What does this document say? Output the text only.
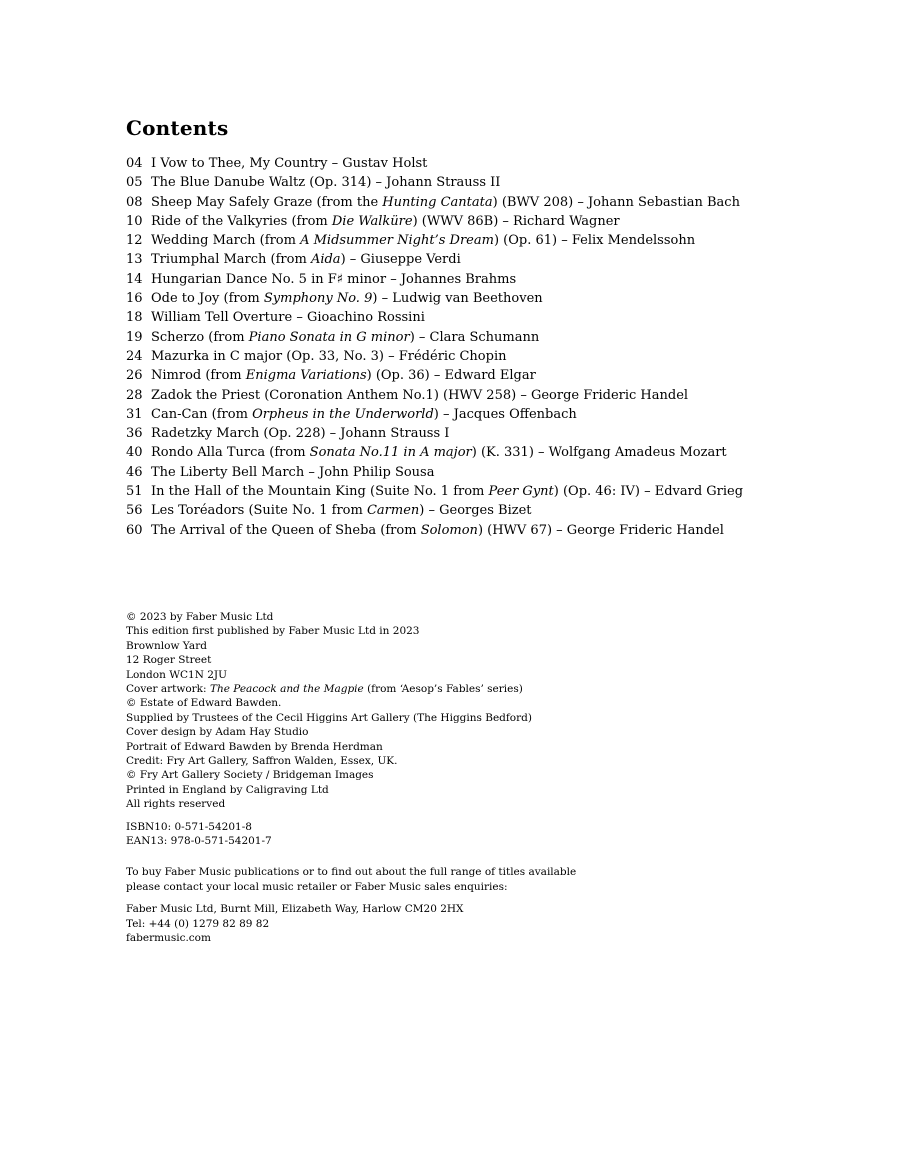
Contents
04 I Vow to Thee, My Country – Gustav Holst
05 The Blue Danube Waltz (Op. 314) – Johann Strauss II
08 Sheep May Safely Graze (from the Hunting Cantata) (BWV 208) – Johann Sebastian Bach
10 Ride of the Valkyries (from Die Walküre) (WWV 86B) – Richard Wagner
12 Wedding March (from A Midsummer Night’s Dream) (Op. 61) – Felix Mendelssohn
13 Triumphal March (from Aida) – Giuseppe Verdi
14 Hungarian Dance No. 5 in F♯ minor – Johannes Brahms
16 Ode to Joy (from Symphony No. 9) – Ludwig van Beethoven
18 William Tell Overture – Gioachino Rossini
19 Scherzo (from Piano Sonata in G minor) – Clara Schumann
24 Mazurka in C major (Op. 33, No. 3) – Frédéric Chopin
26 Nimrod (from Enigma Variations) (Op. 36) – Edward Elgar
28 Zadok the Priest (Coronation Anthem No.1) (HWV 258) – George Frideric Handel
31 Can-Can (from Orpheus in the Underworld) – Jacques Offenbach
36 Radetzky March (Op. 228) – Johann Strauss I
40 Rondo Alla Turca (from Sonata No.11 in A major) (K. 331) – Wolfgang Amadeus Mozart
46 The Liberty Bell March – John Philip Sousa
51 In the Hall of the Mountain King (Suite No. 1 from Peer Gynt) (Op. 46: IV) – Edvard Grieg
56 Les Toréadors (Suite No. 1 from Carmen) – Georges Bizet
60 The Arrival of the Queen of Sheba (from Solomon) (HWV 67) – George Frideric Handel
© 2023 by Faber Music Ltd
This edition first published by Faber Music Ltd in 2023
Brownlow Yard
12 Roger Street
London WC1N 2JU
Cover artwork: The Peacock and the Magpie (from ‘Aesop’s Fables’ series)
© Estate of Edward Bawden.
Supplied by Trustees of the Cecil Higgins Art Gallery (The Higgins Bedford)
Cover design by Adam Hay Studio
Portrait of Edward Bawden by Brenda Herdman
Credit: Fry Art Gallery, Saffron Walden, Essex, UK.
© Fry Art Gallery Society / Bridgeman Images
Printed in England by Caligraving Ltd
All rights reserved
ISBN10: 0-571-54201-8
EAN13: 978-0-571-54201-7
To buy Faber Music publications or to find out about the full range of titles available
please contact your local music retailer or Faber Music sales enquiries:
Faber Music Ltd, Burnt Mill, Elizabeth Way, Harlow CM20 2HX
Tel: +44 (0) 1279 82 89 82
fabermusic.com
